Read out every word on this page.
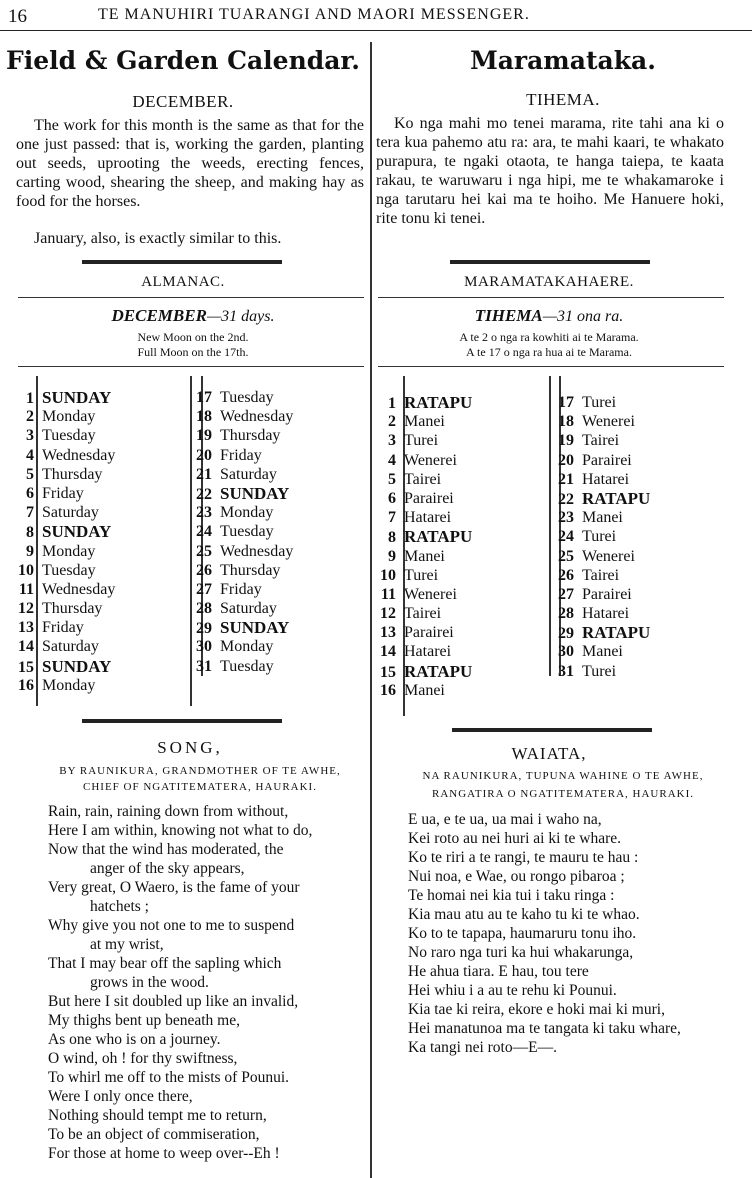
16	TE MANUHIRI TUARANGI AND MAORI MESSENGER.
Field & Garden Calendar.
DECEMBER.
The work for this month is the same as that for the one just passed: that is, working the garden, planting out seeds, uprooting the weeds, erecting fences, carting wood, shearing the sheep, and making hay as food for the horses.
January, also, is exactly similar to this.
ALMANAC.
DECEMBER—31 days.
New Moon on the 2nd.
Full Moon on the 17th.
1 SUNDAY
2 Monday
3 Tuesday
4 Wednesday
5 Thursday
6 Friday
7 Saturday
8 SUNDAY
9 Monday
10 Tuesday
11 Wednesday
12 Thursday
13 Friday
14 Saturday
15 SUNDAY
16 Monday
17 Tuesday
18 Wednesday
19 Thursday
20 Friday
21 Saturday
22 SUNDAY
23 Monday
24 Tuesday
25 Wednesday
26 Thursday
27 Friday
28 Saturday
29 SUNDAY
30 Monday
31 Tuesday
SONG,
BY RAUNIKURA, GRANDMOTHER OF TE AWHE,
CHIEF OF NGATITEMATERA, HAURAKI.
Rain, rain, raining down from without,
Here I am within, knowing not what to do,
Now that the wind has moderated, the
anger of the sky appears,
Very great, O Waero, is the fame of your
hatchets ;
Why give you not one to me to suspend
at my wrist,
That I may bear off the sapling which
grows in the wood.
But here I sit doubled up like an invalid,
My thighs bent up beneath me,
As one who is on a journey.
O wind, oh ! for thy swiftness,
To whirl me off to the mists of Pounui.
Were I only once there,
Nothing should tempt me to return,
To be an object of commiseration,
For those at home to weep over--Eh !
Maramataka.
TIHEMA.
Ko nga mahi mo tenei marama, rite tahi ana ki o tera kua pahemo atu ra: ara, te mahi kaari, te whakato purapura, te ngaki otaota, te hanga taiepa, te kaata rakau, te waruwaru i nga hipi, me te whakamaroke i nga tarutaru hei kai ma te hoiho. Me Hanuere hoki, rite tonu ki tenei.
MARAMATAKAHAERE.
TIHEMA—31 ona ra.
A te 2 o nga ra kowhiti ai te Marama.
A te 17 o nga ra hua ai te Marama.
1 RATAPU
2 Manei
3 Turei
4 Wenerei
5 Tairei
6 Parairei
7 Hatarei
8 RATAPU
9 Manei
10 Turei
11 Wenerei
12 Tairei
13 Parairei
14 Hatarei
15 RATAPU
16 Manei
17 Turei
18 Wenerei
19 Tairei
20 Parairei
21 Hatarei
22 RATAPU
23 Manei
24 Turei
25 Wenerei
26 Tairei
27 Parairei
28 Hatarei
29 RATAPU
30 Manei
31 Turei
WAIATA,
NA RAUNIKURA, TUPUNA WAHINE O TE AWHE,
RANGATIRA O NGATITEMATERA, HAURAKI.
E ua, e te ua, ua mai i waho na,
Kei roto au nei huri ai ki te whare.
Ko te riri a te rangi, te mauru te hau :
Nui noa, e Wae, ou rongo pibaroa ;
Te homai nei kia tui i taku ringa :
Kia mau atu au te kaho tu ki te whao.
Ko to te tapapa, haumaruru tonu iho.
No raro nga turi ka hui whakarunga,
He ahua tiara. E hau, tou tere
Hei whiu i a au te rehu ki Pounui.
Kia tae ki reira, ekore e hoki mai ki muri,
Hei manatunoa ma te tangata ki taku whare,
Ka tangi nei roto—E—.
